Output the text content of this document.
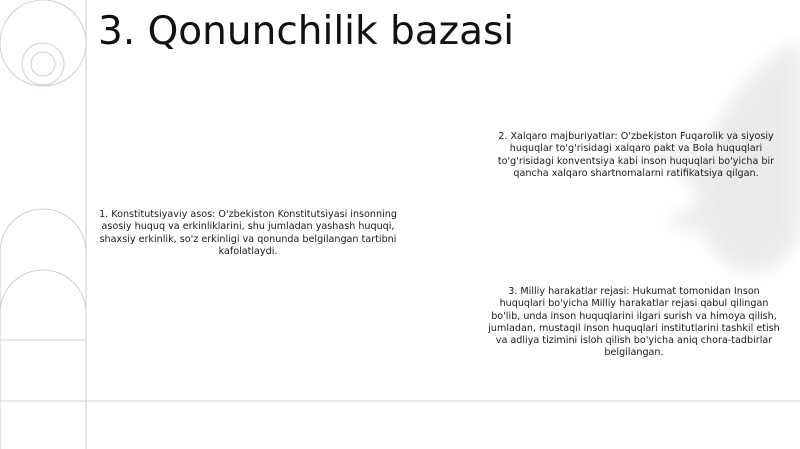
3. Qonunchilik bazasi

1. Konstitutsiyaviy asos: O'zbekiston Konstitutsiyasi insonning asosiy huquq va erkinliklarini, shu jumladan yashash huquqi, shaxsiy erkinlik, so'z erkinligi va qonunda belgilangan tartibni kafolatlaydi.

2. Xalqaro majburiyatlar: O'zbekiston Fuqarolik va siyosiy huquqlar to'g'risidagi xalqaro pakt va Bola huquqlari to'g'risidagi konventsiya kabi inson huquqlari bo'yicha bir qancha xalqaro shartnomalarni ratifikatsiya qilgan.

3. Milliy harakatlar rejasi: Hukumat tomonidan Inson huquqlari bo'yicha Milliy harakatlar rejasi qabul qilingan bo'lib, unda inson huquqlarini ilgari surish va himoya qilish, jumladan, mustaqil inson huquqlari institutlarini tashkil etish va adliya tizimini isloh qilish bo'yicha aniq chora-tadbirlar belgilangan.
